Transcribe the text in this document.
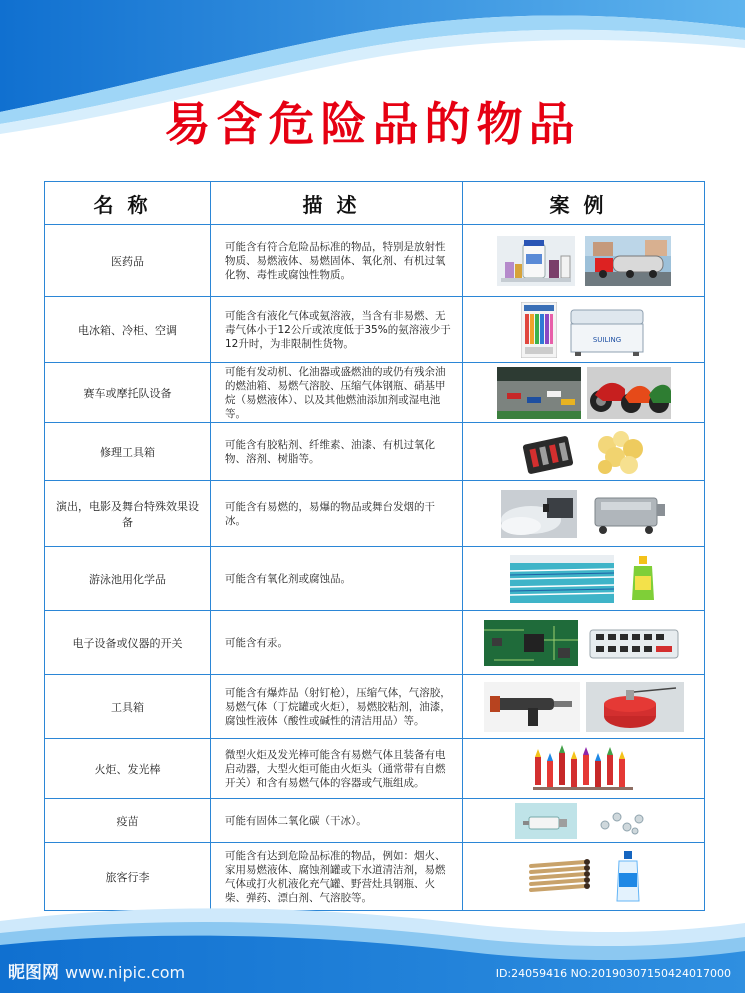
易含危险品的物品
名称	描述	案例
医药品	可能含有符合危险品标准的物品，特别是放射性物质、易燃液体、易燃固体、氧化剂、有机过氧化物、毒性或腐蚀性物质。	

电冰箱、冷柜、空调	可能含有液化气体或氨溶液，当含有非易燃、无毒气体小于12公斤或浓度低于35%的氨溶液少于12升时，为非限制性货物。	SUILING

赛车或摩托队设备	可能有发动机、化油器或盛燃油的或仍有残余油的燃油箱、易燃气溶胶、压缩气体钢瓶、硝基甲烷（易燃液体）、以及其他燃油添加剂或湿电池等。	

修理工具箱	可能含有胶粘剂、纤维素、油漆、有机过氧化物、溶剂、树脂等。	

演出，电影及舞台特殊效果设备	可能含有易燃的，易爆的物品或舞台发烟的干冰。	

游泳池用化学品	可能含有氧化剂或腐蚀品。	

电子设备或仪器的开关	可能含有汞。	

工具箱	可能含有爆炸品（射钉枪），压缩气体，气溶胶，易燃气体（丁烷罐或火炬），易燃胶粘剂，油漆，腐蚀性液体（酸性或碱性的清洁用品）等。	

火炬、发光棒	微型火炬及发光棒可能含有易燃气体且装备有电启动器，大型火炬可能由火炬头（通常带有自燃开关）和含有易燃气体的容器或气瓶组成。	

疫苗	可能有固体二氧化碳（干冰）。	

旅客行李	可能含有达到危险品标准的物品，例如：烟火、家用易燃液体、腐蚀剂罐或下水道清洁剂，易燃气体或打火机液化充气罐、野营灶具钢瓶、火柴、弹药、漂白剂、气溶胶等。	
昵图网 www.nipic.com	ID:24059416 NO:20190307150424017000
